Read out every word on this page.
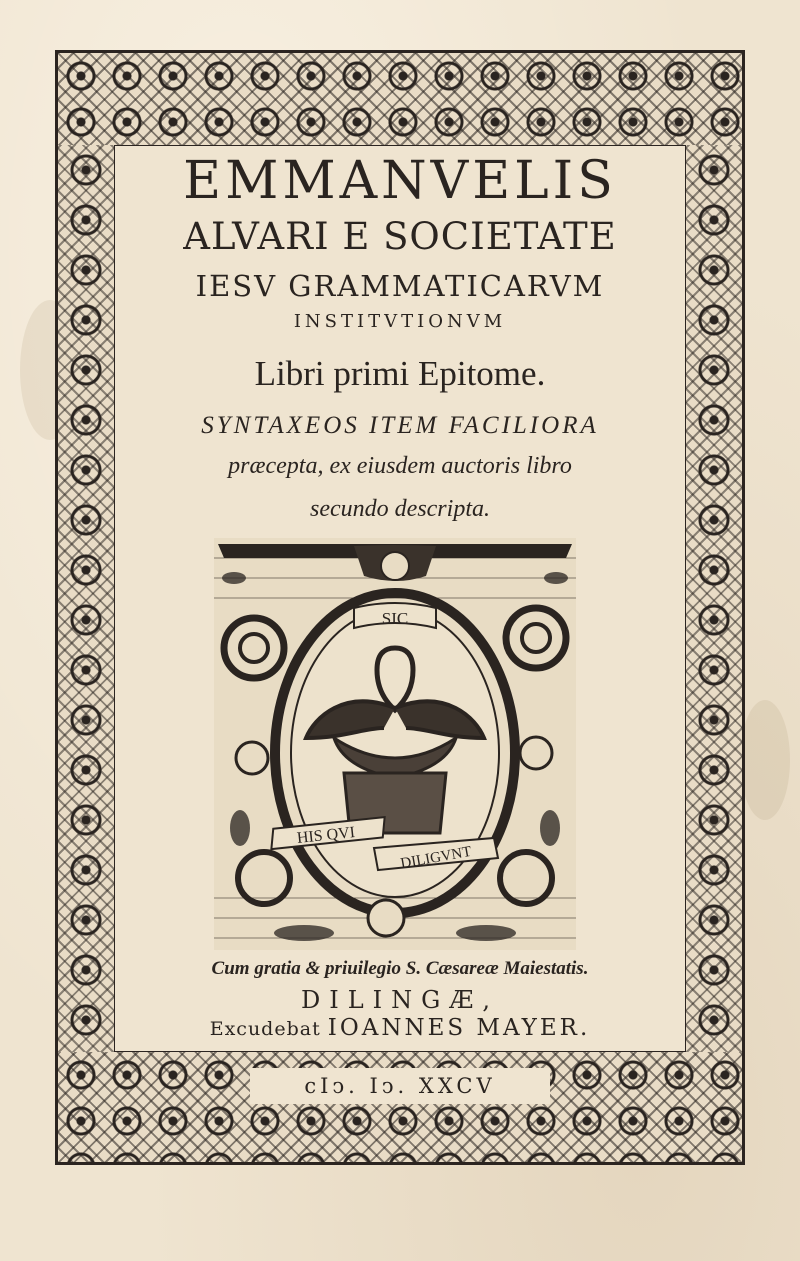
EMMANVELIS
ALVARI E SOCIETATE
IESV GRAMMATICARVM
INSTITVTIONVM
Libri primi Epitome.
SYNTAXEOS ITEM FACILIORA
præcepta, ex eiusdem auctoris libro
secundo descripta.
SIC
HIS QVI
DILIGVNT
Cum gratia & priuilegio S. Cæsareæ Maiestatis.
DILINGÆ,
Excudebat IOANNES MAYER.
cIↄ. Iↄ. XXCV
